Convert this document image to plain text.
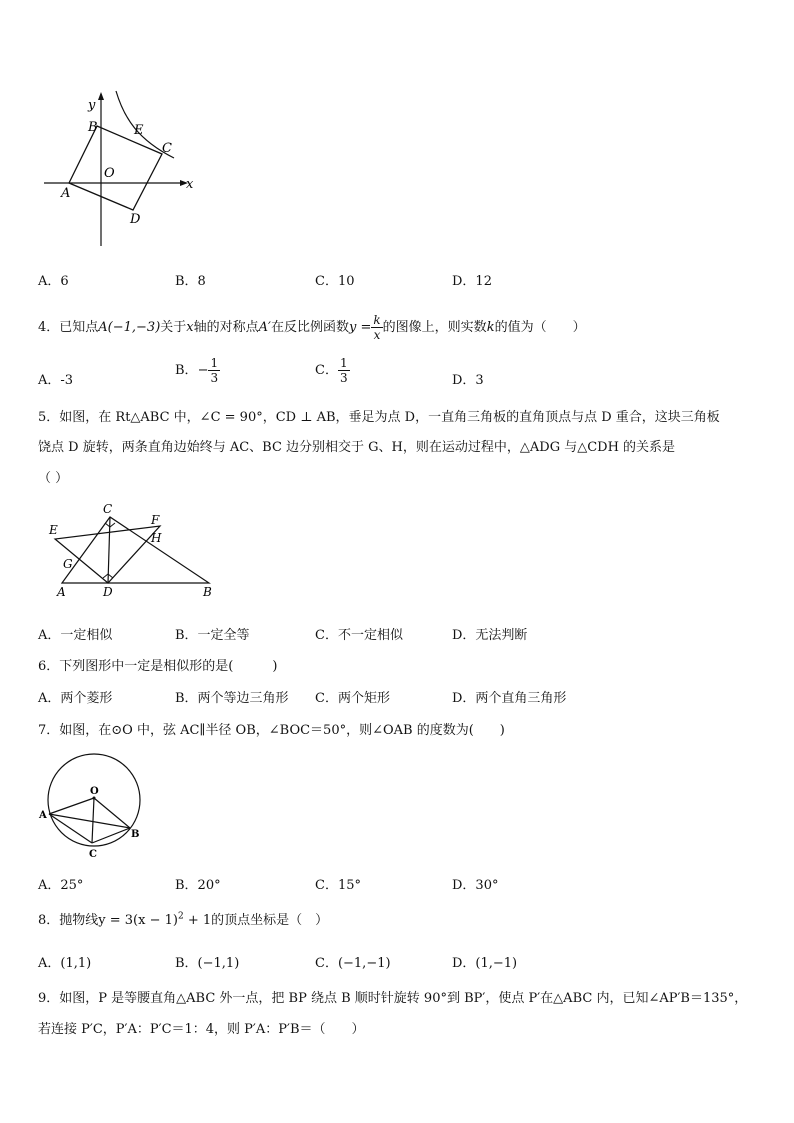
y
x
B	E
C
O
A
D
A．6	B．8	C．10	D．12
4．已知点A(−1,−3)关于x轴的对称点A′在反比例函数$y = \frac{k}{x}$ 的图像上，则实数k的值为（　　）
A．-3
B．− $\frac{1}{3}$	C． $\frac{1}{3}$	D．3
5．如图，在 Rt△ABC 中，∠C = 90°，CD ⊥ AB，垂足为点 D，一直角三角板的直角顶点与点 D 重合，这块三角板
饶点 D 旋转，两条直角边始终与 AC、BC 边分别相交于 G、H，则在运动过程中，△ADG 与△CDH 的关系是
（ ）
C
F
E
H
G
A	D	B
A．一定相似	B．一定全等	C．不一定相似	D．无法判断
6．下列图形中一定是相似形的是(　　　)
A．两个菱形	B．两个等边三角形 C．两个矩形	D．两个直角三角形
7．如图，在⊙O 中，弦 AC∥半径 OB，∠BOC＝50°，则∠OAB 的度数为(　　)
O
A
B
C
A．25°	B．20°	C．15°	D．30°
8．抛物线$y = 3(x - 1)^2 + 1$的顶点坐标是（　）
A．(1,1)	B．(−1,1)	C．(−1,−1)	D．(1,−1)
9．如图，P 是等腰直角△ABC 外一点，把 BP 绕点 B 顺时针旋转 90°到 BP′，使点 P′在△ABC 内，已知∠AP′B＝135°，
若连接 P′C，P′A：P′C＝1：4，则 P′A：P′B＝（　　）
